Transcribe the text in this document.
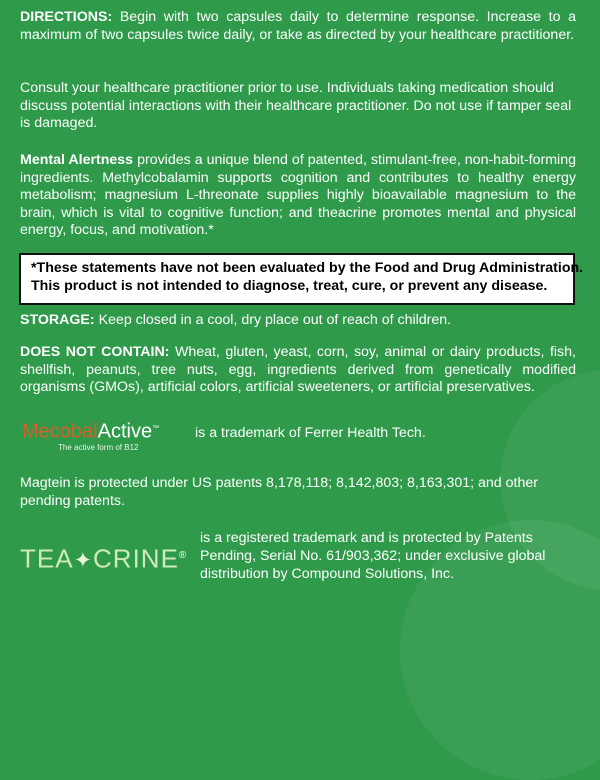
DIRECTIONS: Begin with two capsules daily to determine response. Increase to a maximum of two capsules twice daily, or take as directed by your healthcare practitioner.
Consult your healthcare practitioner prior to use. Individuals taking medication should discuss potential interactions with their healthcare practitioner. Do not use if tamper seal is damaged.
Mental Alertness provides a unique blend of patented, stimulant-free, non-habit-forming ingredients. Methylcobalamin supports cognition and contributes to healthy energy metabolism; magnesium L-threonate supplies highly bioavailable magnesium to the brain, which is vital to cognitive function; and theacrine promotes mental and physical energy, focus, and motivation.*
*These statements have not been evaluated by the Food and Drug Administration.
This product is not intended to diagnose, treat, cure, or prevent any disease.
STORAGE: Keep closed in a cool, dry place out of reach of children.
DOES NOT CONTAIN: Wheat, gluten, yeast, corn, soy, animal or dairy products, fish, shellfish, peanuts, tree nuts, egg, ingredients derived from genetically modified organisms (GMOs), artificial colors, artificial sweeteners, or artificial preservatives.
MecobalActive™
The active form of B12
is a trademark of Ferrer Health Tech.
Magtein is protected under US patents 8,178,118; 8,142,803; 8,163,301; and other pending patents.
TEA✦CRINE®
is a registered trademark and is protected by Patents Pending, Serial No. 61/903,362; under exclusive global distribution by Compound Solutions, Inc.
